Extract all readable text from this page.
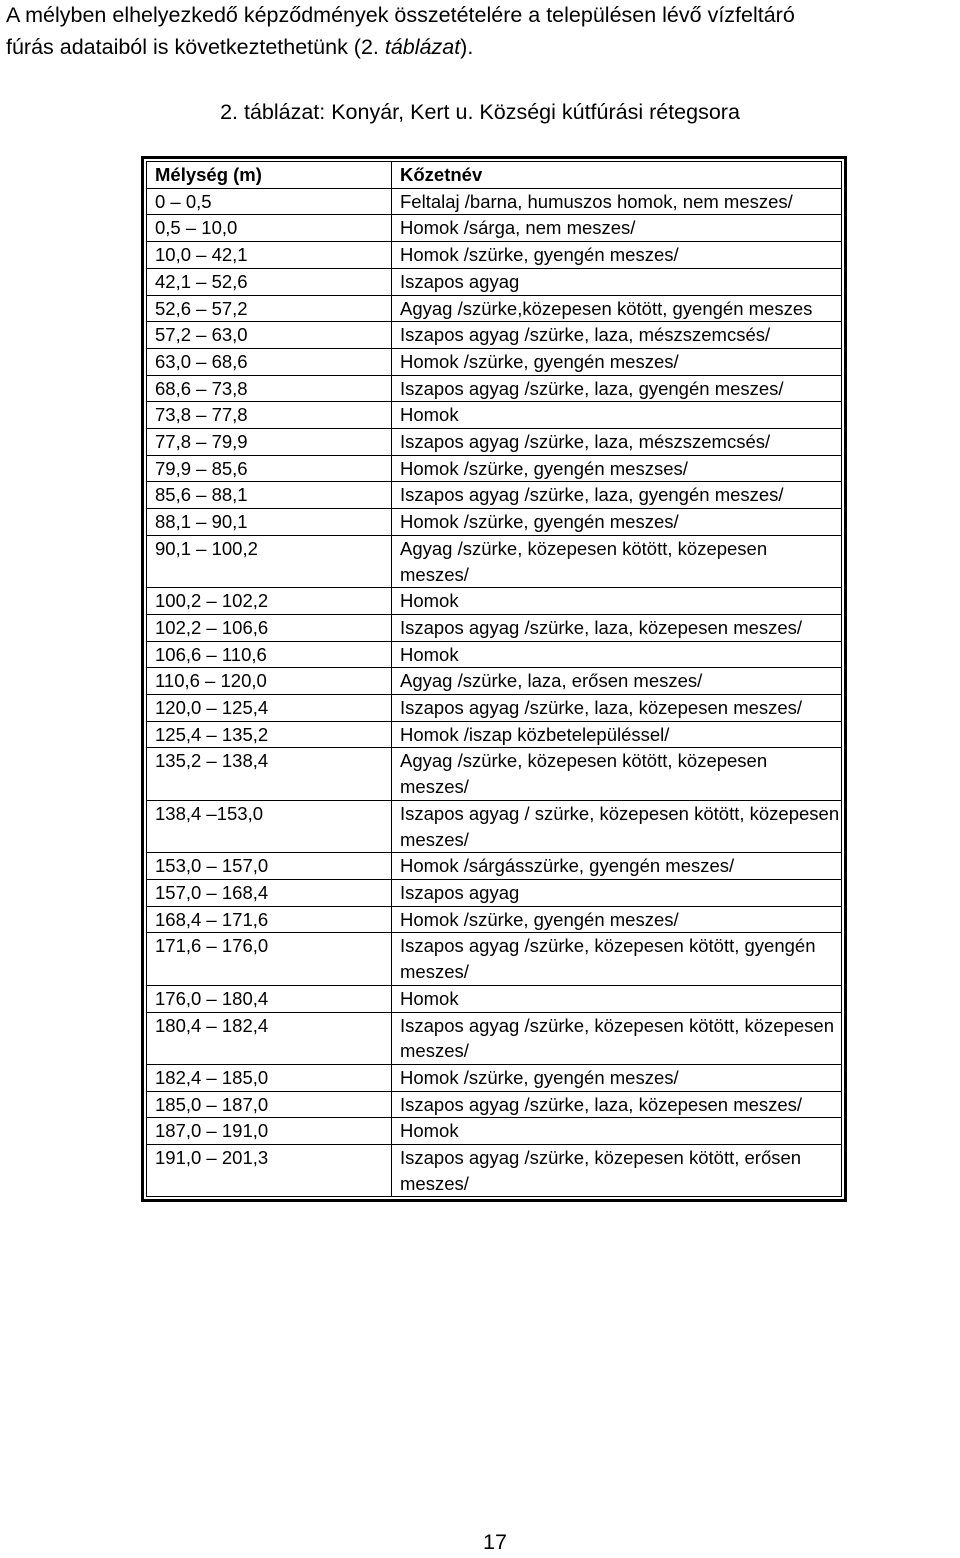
A mélyben elhelyezkedő képződmények összetételére a településen lévő vízfeltáró
fúrás adataiból is következtethetünk (2. táblázat).

2. táblázat: Konyár, Kert u. Községi kútfúrási rétegsora

Mélység (m)	Kőzetnév
0 – 0,5	Feltalaj /barna, humuszos homok, nem meszes/
0,5 – 10,0	Homok /sárga, nem meszes/
10,0 – 42,1	Homok /szürke, gyengén meszes/
42,1 – 52,6	Iszapos agyag
52,6 – 57,2	Agyag /szürke,közepesen kötött, gyengén meszes
57,2 – 63,0	Iszapos agyag /szürke, laza, mészszemcsés/
63,0 – 68,6	Homok /szürke, gyengén meszes/
68,6 – 73,8	Iszapos agyag /szürke, laza, gyengén meszes/
73,8 – 77,8	Homok
77,8 – 79,9	Iszapos agyag /szürke, laza, mészszemcsés/
79,9 – 85,6	Homok /szürke, gyengén meszses/
85,6 – 88,1	Iszapos agyag /szürke, laza, gyengén meszes/
88,1 – 90,1	Homok /szürke, gyengén meszes/
90,1 – 100,2	Agyag /szürke, közepesen kötött, közepesen meszes/
100,2 – 102,2	Homok
102,2 – 106,6	Iszapos agyag /szürke, laza, közepesen meszes/
106,6 – 110,6	Homok
110,6 – 120,0	Agyag /szürke, laza, erősen meszes/
120,0 – 125,4	Iszapos agyag /szürke, laza, közepesen meszes/
125,4 – 135,2	Homok /iszap közbetelepüléssel/
135,2 – 138,4	Agyag /szürke, közepesen kötött, közepesen meszes/
138,4 –153,0	Iszapos agyag / szürke, közepesen kötött, közepesen meszes/
153,0 – 157,0	Homok /sárgásszürke, gyengén meszes/
157,0 – 168,4	Iszapos agyag
168,4 – 171,6	Homok /szürke, gyengén meszes/
171,6 – 176,0	Iszapos agyag /szürke, közepesen kötött, gyengén meszes/
176,0 – 180,4	Homok
180,4 – 182,4	Iszapos agyag /szürke, közepesen kötött, közepesen meszes/
182,4 – 185,0	Homok /szürke, gyengén meszes/
185,0 – 187,0	Iszapos agyag /szürke, laza, közepesen meszes/
187,0 – 191,0	Homok
191,0 – 201,3	Iszapos agyag /szürke, közepesen kötött, erősen meszes/
17
